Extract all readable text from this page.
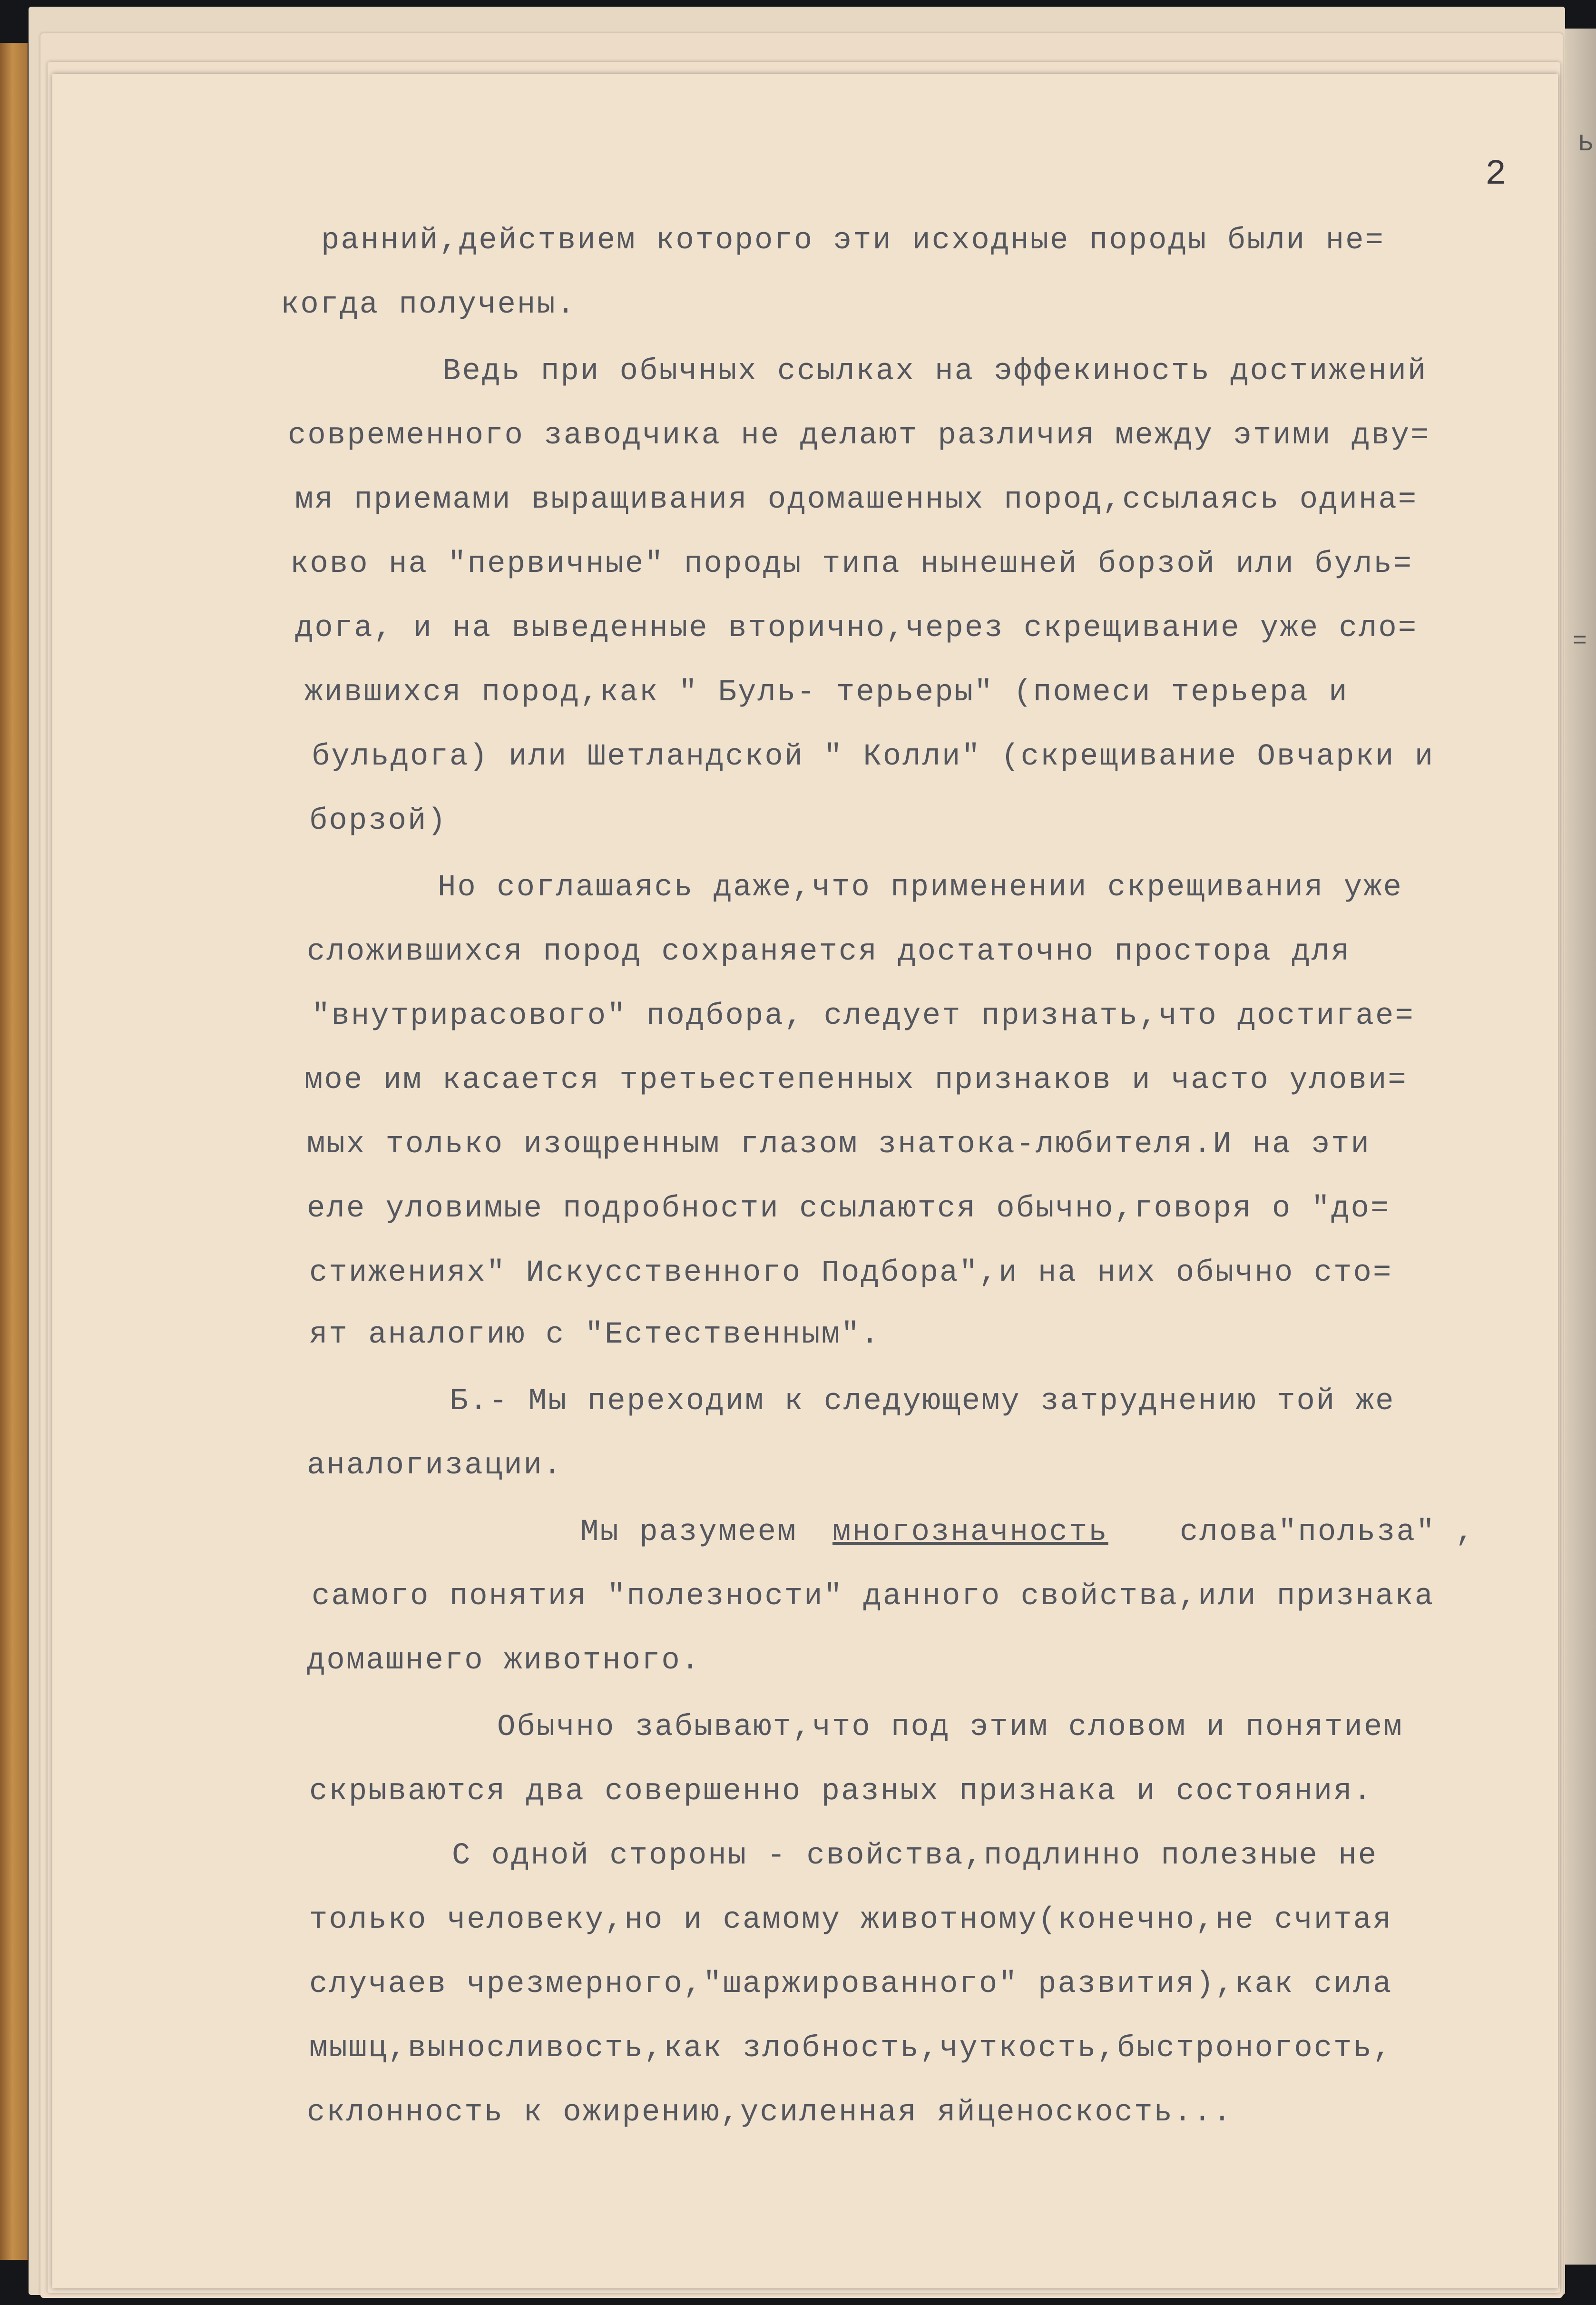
Ь
=
2

ранний,действием которого эти исходные породы были не=

когда получены.

Ведь при обычных ссылках на эффекиность достижений

современного заводчика не делают различия между этими дву=

мя приемами выращивания одомашенных пород,ссылаясь одина=

ково на "первичные" породы типа нынешней борзой или буль=

дога, и на выведенные вторично,через скрещивание уже сло=

жившихся пород,как " Буль- терьеры" (помеси терьера и

бульдога) или Шетландской " Колли" (скрещивание Овчарки и

борзой)

Но соглашаясь даже,что применении скрещивания уже

сложившихся пород сохраняется достаточно простора для

"внутрирасового" подбора, следует признать,что достигае=

мое им касается третьестепенных признаков и часто улови=

мых только изощренным глазом знатока-любителя.И на эти

еле уловимые подробности ссылаются обычно,говоря о "до=

стижениях" Искусственного Подбора",и на них обычно сто=

ят аналогию с "Естественным".

Б.- Мы переходим к следующему затруднению той же

аналогизации.

Мы разумеем

многозначность

слова"польза" ,

самого понятия "полезности" данного свойства,или признака

домашнего животного.

Обычно забывают,что под этим словом и понятием

скрываются два совершенно разных признака и состояния.

С одной стороны - свойства,подлинно полезные не

только человеку,но и самому животному(конечно,не считая

случаев чрезмерного,"шаржированного" развития),как сила

мышц,выносливость,как злобность,чуткость,быстроногость,

склонность к ожирению,усиленная яйценоскость...
